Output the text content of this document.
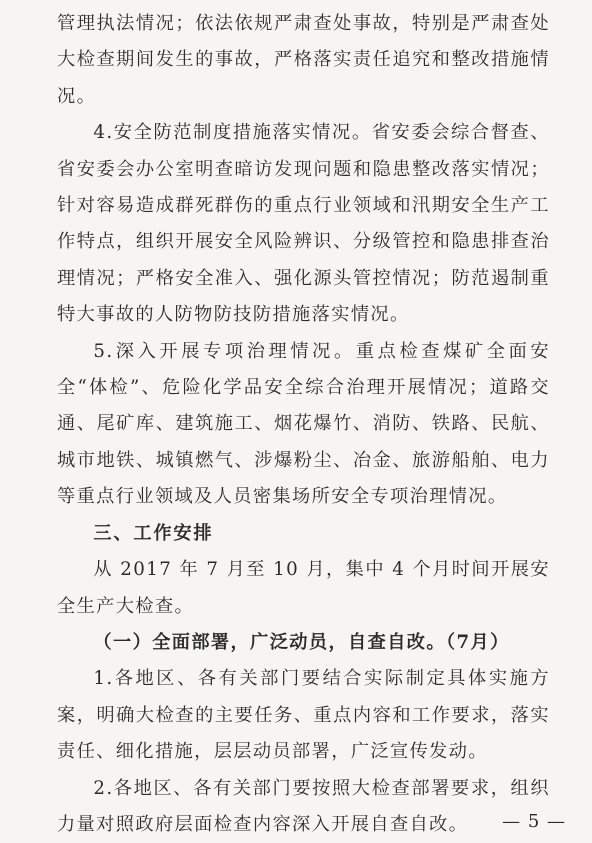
管理执法情况；依法依规严肃查处事故，特别是严肃查处大检查期间发生的事故，严格落实责任追究和整改措施情况。

4.安全防范制度措施落实情况。省安委会综合督查、省安委会办公室明查暗访发现问题和隐患整改落实情况；针对容易造成群死群伤的重点行业领域和汛期安全生产工作特点，组织开展安全风险辨识、分级管控和隐患排查治理情况；严格安全准入、强化源头管控情况；防范遏制重特大事故的人防物防技防措施落实情况。

5.深入开展专项治理情况。重点检查煤矿全面安全“体检”、危险化学品安全综合治理开展情况；道路交通、尾矿库、建筑施工、烟花爆竹、消防、铁路、民航、城市地铁、城镇燃气、涉爆粉尘、冶金、旅游船舶、电力等重点行业领域及人员密集场所安全专项治理情况。

三、工作安排

从 2017 年 7 月至 10 月，集中 4 个月时间开展安全生产大检查。

（一）全面部署，广泛动员，自查自改。（7月）

1.各地区、各有关部门要结合实际制定具体实施方案，明确大检查的主要任务、重点内容和工作要求，落实责任、细化措施，层层动员部署，广泛宣传发动。

2.各地区、各有关部门要按照大检查部署要求，组织力量对照政府层面检查内容深入开展自查自改。	— 5 —
